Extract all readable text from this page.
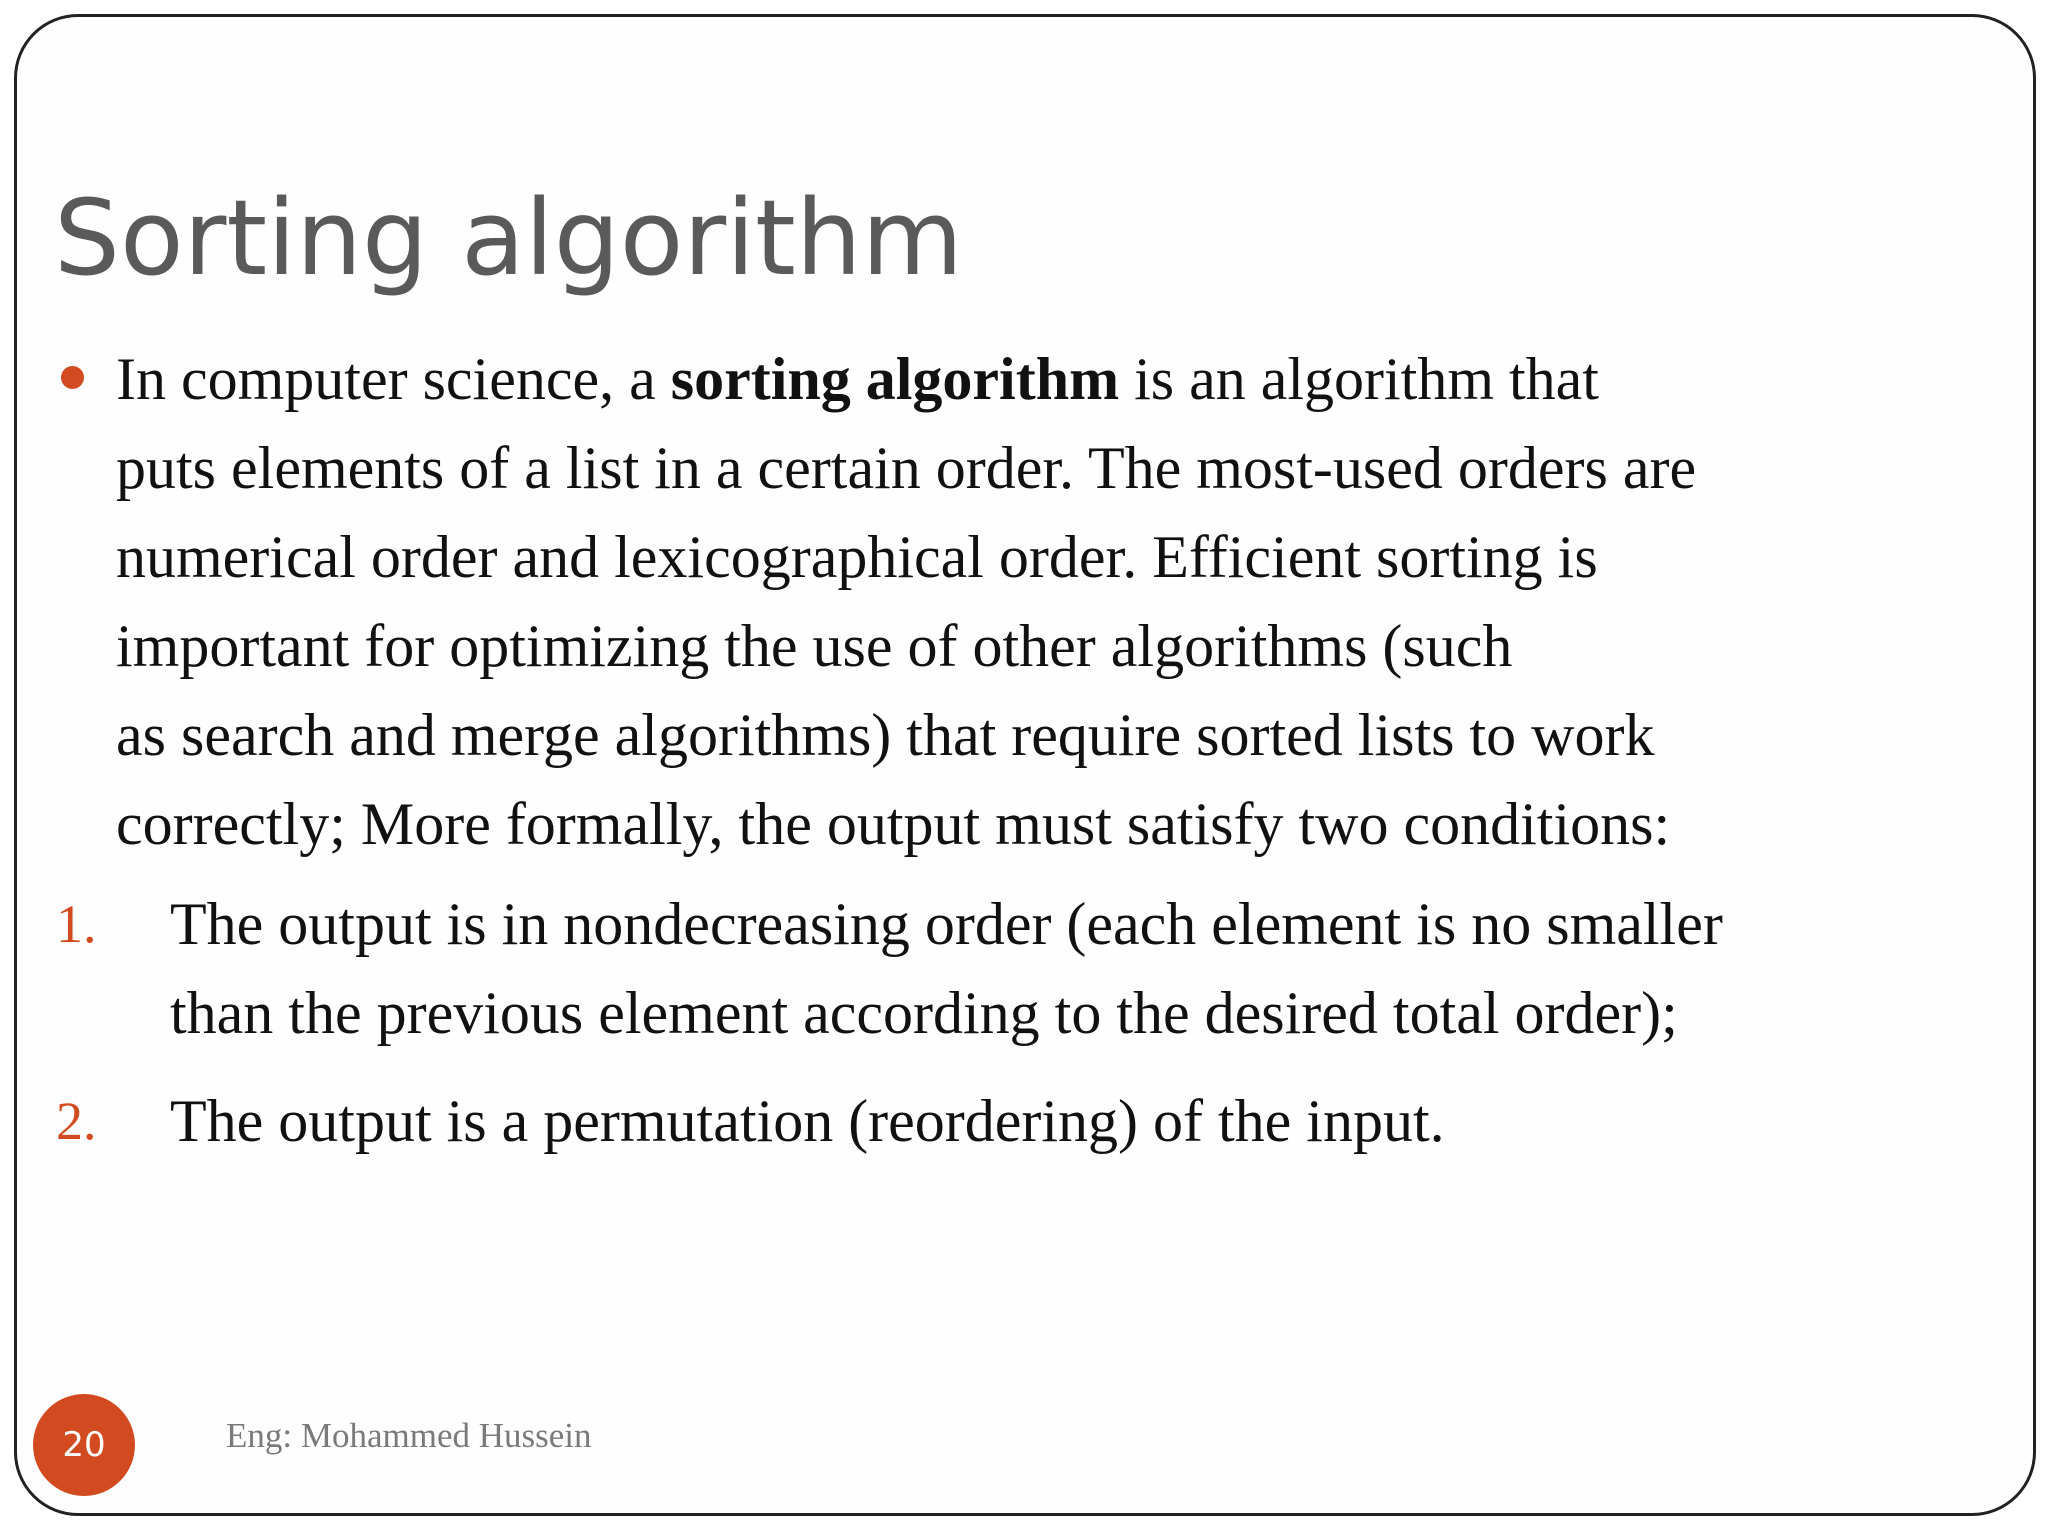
Sorting algorithm

In computer science, a sorting algorithm is an algorithm that
puts elements of a list in a certain order. The most-used orders are
numerical order and lexicographical order. Efficient sorting is
important for optimizing the use of other algorithms (such
as search and merge algorithms) that require sorted lists to work
correctly; More formally, the output must satisfy two conditions:

1. The output is in nondecreasing order (each element is no smaller
than the previous element according to the desired total order);

2. The output is a permutation (reordering) of the input.

20	Eng: Mohammed Hussein
